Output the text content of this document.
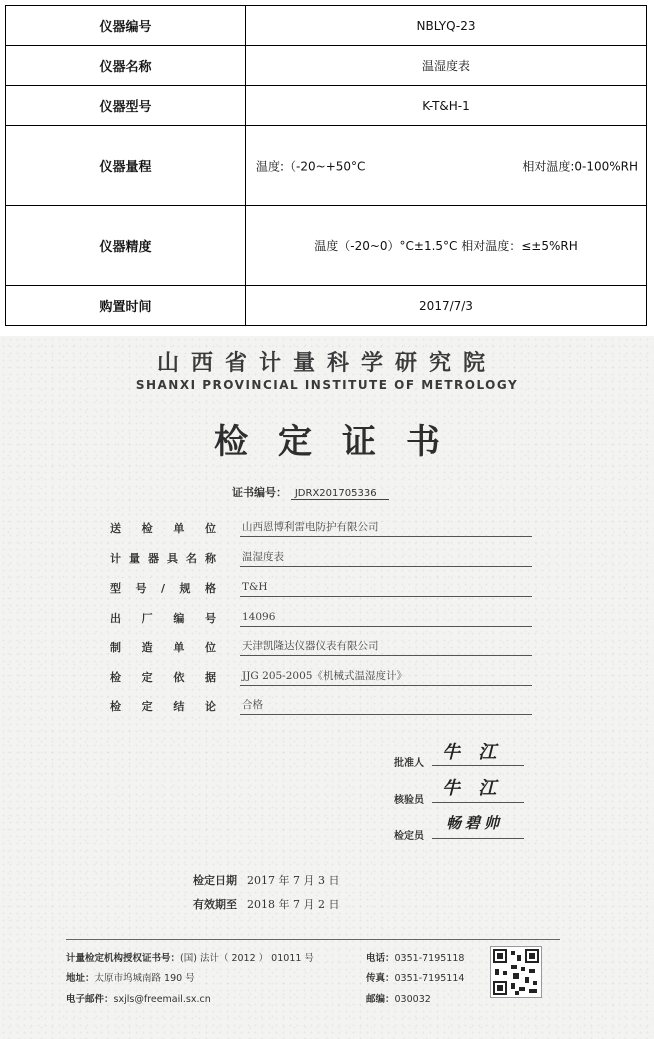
仪器编号	NBLYQ-23
仪器名称	温湿度表
仪器型号	K-T&H-1
仪器量程	温度:（-20~+50°C 相对温度:0-100%RH

仪器精度	温度（-20~0）°C±1.5°C 相对温度：≤±5%RH
购置时间	2017/7/3
山西省计量科学研究院
SHANXI PROVINCIAL INSTITUTE OF METROLOGY
检定证书
证书编号： JDRX201705336
送检单位 山西恩博利雷电防护有限公司
计量器具名称 温湿度表
型号/规格 T&H
出厂编号 14096
制造单位 天津凯隆达仪器仪表有限公司
检定依据 JJG 205-2005《机械式温湿度计》
检定结论 合格
批准人
牛 江
核验员
牛 江
检定员
畅碧帅
检定日期 2017 年 7 月 3 日
有效期至 2018 年 7 月 2 日
计量检定机构授权证书号：(国) 法计（ 2012 ） 01011 号
地址：太原市坞城南路 190 号
电子邮件：sxjls@freemail.sx.cn
电话：0351-7195118
传真：0351-7195114
邮编：030032
